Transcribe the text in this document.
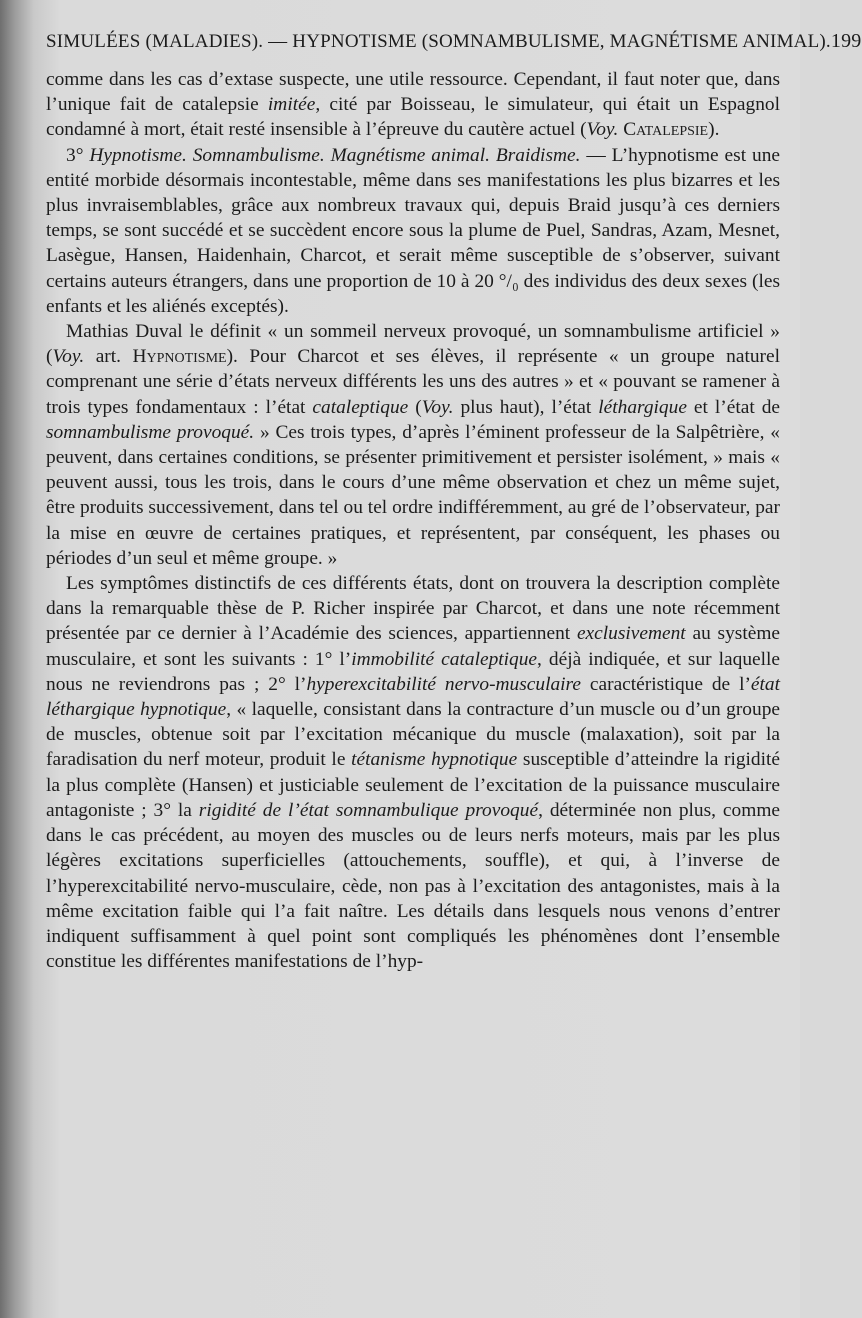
SIMULÉES (MALADIES). — HYPNOTISME (SOMNAMBULISME, MAGNÉTISME ANIMAL). 199

comme dans les cas d’extase suspecte, une utile ressource. Cependant, il faut noter que, dans l’unique fait de catalepsie imitée, cité par Boisseau, le simulateur, qui était un Espagnol condamné à mort, était resté insensible à l’épreuve du cautère actuel (Voy. Catalepsie).

3° Hypnotisme. Somnambulisme. Magnétisme animal. Braidisme. — L’hypnotisme est une entité morbide désormais incontestable, même dans ses manifestations les plus bizarres et les plus invraisemblables, grâce aux nombreux travaux qui, depuis Braid jusqu’à ces derniers temps, se sont succédé et se succèdent encore sous la plume de Puel, Sandras, Azam, Mesnet, Lasègue, Hansen, Haidenhain, Charcot, et serait même susceptible de s’observer, suivant certains auteurs étrangers, dans une proportion de 10 à 20 °/₀ des individus des deux sexes (les enfants et les aliénés exceptés).

Mathias Duval le définit « un sommeil nerveux provoqué, un somnambulisme artificiel » (Voy. art. Hypnotisme). Pour Charcot et ses élèves, il représente « un groupe naturel comprenant une série d’états nerveux différents les uns des autres » et « pouvant se ramener à trois types fondamentaux : l’état cataleptique (Voy. plus haut), l’état léthargique et l’état de somnambulisme provoqué. » Ces trois types, d’après l’éminent professeur de la Salpêtrière, « peuvent, dans certaines conditions, se présenter primitivement et persister isolément, » mais « peuvent aussi, tous les trois, dans le cours d’une même observation et chez un même sujet, être produits successivement, dans tel ou tel ordre indifféremment, au gré de l’observateur, par la mise en œuvre de certaines pratiques, et représentent, par conséquent, les phases ou périodes d’un seul et même groupe. »

Les symptômes distinctifs de ces différents états, dont on trouvera la description complète dans la remarquable thèse de P. Richer inspirée par Charcot, et dans une note récemment présentée par ce dernier à l’Académie des sciences, appartiennent exclusivement au système musculaire, et sont les suivants : 1° l’immobilité cataleptique, déjà indiquée, et sur laquelle nous ne reviendrons pas ; 2° l’hyperexcitabilité nervo-musculaire caractéristique de l’état léthargique hypnotique, « laquelle, consistant dans la contracture d’un muscle ou d’un groupe de muscles, obtenue soit par l’excitation mécanique du muscle (malaxation), soit par la faradisation du nerf moteur, produit le tétanisme hypnotique susceptible d’atteindre la rigidité la plus complète (Hansen) et justiciable seulement de l’excitation de la puissance musculaire antagoniste ; 3° la rigidité de l’état somnambulique provoqué, déterminée non plus, comme dans le cas précédent, au moyen des muscles ou de leurs nerfs moteurs, mais par les plus légères excitations superficielles (attouchements, souffle), et qui, à l’inverse de l’hyperexcitabilité nervo-musculaire, cède, non pas à l’excitation des antagonistes, mais à la même excitation faible qui l’a fait naître. Les détails dans lesquels nous venons d’entrer indiquent suffisamment à quel point sont compliqués les phénomènes dont l’ensemble constitue les différentes manifestations de l’hyp-
